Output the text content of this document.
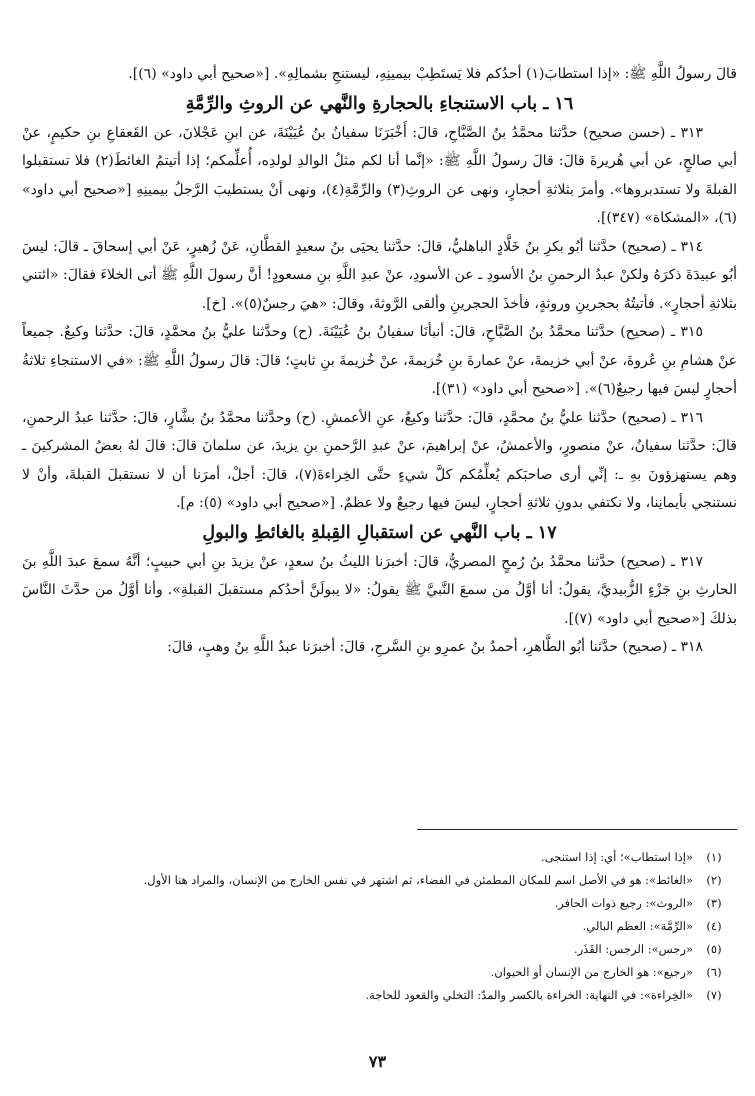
قالَ رسولُ اللَّهِ ﷺ: «إذا استطابَ(١) أحدُكم فلا يَستَطِبْ بيمينِهِ، ليستنجِ بشمالِهِ». [«صحيح أبي داود» (٦)].

١٦ ـ باب الاستنجاءِ بالحجارةِ والنَّهي عن الروثِ والرِّمَّةِ

٣١٣ ـ (حسن صحيح) حدَّثنا محمَّدُ بنُ الصَّبَّاحِ، قالَ: أَخْبَرَنَا سفيانُ بنُ عُيَيْنَةَ، عن ابنِ عَجْلانَ، عن القَعقاعِ بنِ حكيمٍ، عنْ أبي صالحٍ، عن أبي هُريرةَ قالَ: قالَ رسولُ اللَّهِ ﷺ: «إنَّما أنا لكم مثلُ الوالدِ لولدِه، أُعلِّمكم؛ إذا أتيتمُ الغائطَ(٢) فلا تستقبلوا القبلةَ ولا تستدبروها». وأمرَ بثلاثةِ أحجارٍ، ونهى عن الروثِ(٣) والرِّمَّةِ(٤)، ونهى أنْ يستطيبَ الرَّجلُ بيمينِهِ [«صحيح أبي داود» (٦)، «المشكاة» (٣٤٧)].

٣١٤ ـ (صحيح) حدَّثنا أبُو بكرِ بنُ خَلَّادٍ الباهليُّ، قالَ: حدَّثنا يحيَى بنُ سعيدٍ القطَّانِ، عَنْ زُهيرٍ، عَنْ أبي إسحاقَ ـ قالَ: ليسَ أبُو عبيدَةَ ذكرَهُ ولكنْ عبدُ الرحمنِ بنُ الأسودِ ـ عن الأسودِ، عنْ عبدِ اللَّهِ بنِ مسعودٍ! أنَّ رسولَ اللَّهِ ﷺ أتى الخلاءَ فقالَ: «ائتني بثلاثةِ أحجارٍ». فأتيتُهُ بحجرينِ وروثةٍ، فأخذَ الحجرينِ وألقى الرَّوثةَ، وقالَ: «هيَ رجسٌ(٥)». [خ].

٣١٥ ـ (صحيح) حدَّثنا محمَّدُ بنُ الصَّبَّاحِ، قالَ: أنبأنَا سفيانُ بنُ عُيَيْنَةَ. (ح) وحدَّثنا عليُّ بنُ محمَّدٍ، قالَ: حدَّثنا وكيعٌ. جميعاً عنْ هشامِ بنِ عُروةَ، عنْ أبي خزيمةَ، عنْ عمارةَ بنِ خُزيمةَ، عنْ خُزيمةَ بنِ ثابتٍ؛ قالَ: قالَ رسولُ اللَّهِ ﷺ: «في الاستنجاءِ ثلاثةُ أحجارٍ ليسَ فيها رجيعٌ(٦)». [«صحيح أبي داود» (٣١)].

٣١٦ ـ (صحيح) حدَّثنا عليُّ بنُ محمَّدٍ، قالَ: حدَّثنا وكيعٌ، عنِ الأعمشِ. (ح) وحدَّثنا محمَّدُ بنُ بشَّارٍ، قالَ: حدَّثنا عبدُ الرحمنِ، قالَ: حدَّثنا سفيانُ، عنْ منصورٍ، والأعمشُ، عنْ إبراهيمَ، عنْ عبدِ الرَّحمنِ بنِ يزيدَ، عن سلمانَ قالَ: قالَ لهُ بعضُ المشركينَ ـ وهم يستهزؤونَ بهِ ـ: إنِّي أرى صاحبَكم يُعلِّمُكم كلَّ شيءٍ حتَّى الخِراءةَ(٧)، قالَ: أجلْ، أمرَنا أن لا نستقبلَ القبلةَ، وأنْ لا نستنجي بأيمانِنا، ولا نكتفي بدونِ ثلاثةِ أحجارٍ، ليسَ فيها رجيعٌ ولا عظمٌ. [«صحيح أبي داود» (٥): م].

١٧ ـ باب النَّهي عن استقبالِ القِبلةِ بالغائطِ والبولِ

٣١٧ ـ (صحيح) حدَّثنا محمَّدُ بنُ رُمحٍ المصريُّ، قالَ: أخبرَنا الليثُ بنُ سعدٍ، عنْ يزيدَ بنِ أبي حبيبٍ؛ أنَّهُ سمعَ عبدَ اللَّهِ بنَ الحارثِ بنِ جَزْءٍ الزُّبيديَّ، يقولُ: أنا أوَّلُ من سمعَ النَّبيَّ ﷺ يقولُ: «لا يبولَنَّ أحدُكم مستقبلَ القبلةِ». وأنا أوَّلُ من حدَّثَ النَّاسَ بذلكَ [«صحيح أبي داود» (٧)].

٣١٨ ـ (صحيح) حدَّثنا أبُو الطَّاهرِ، أحمدُ بنُ عمرِو بنِ السَّرحِ، قالَ: أخبرَنا عبدُ اللَّهِ بنُ وهبٍ، قالَ:

(١)
«إذا استطاب»؛ أي: إذا استنجى.
(٢)
«الغائط»: هو في الأصل اسم للمكان المطمئن في الفضاء، ثم اشتهر في نفس الخارج من الإنسان، والمراد هنا الأول.
(٣)
«الروث»: رجيع ذوات الحافر.
(٤)
«الرِّمَّة»: العظم البالي.
(٥)
«رجس»: الرجس: القَذَر.
(٦)
«رجيع»: هو الخارج من الإنسان أو الحيوان.
(٧)
«الخِراءة»: في النهاية: الخراءة بالكسر والمدّ: التخلي والقعود للحاجة.
٧٣
